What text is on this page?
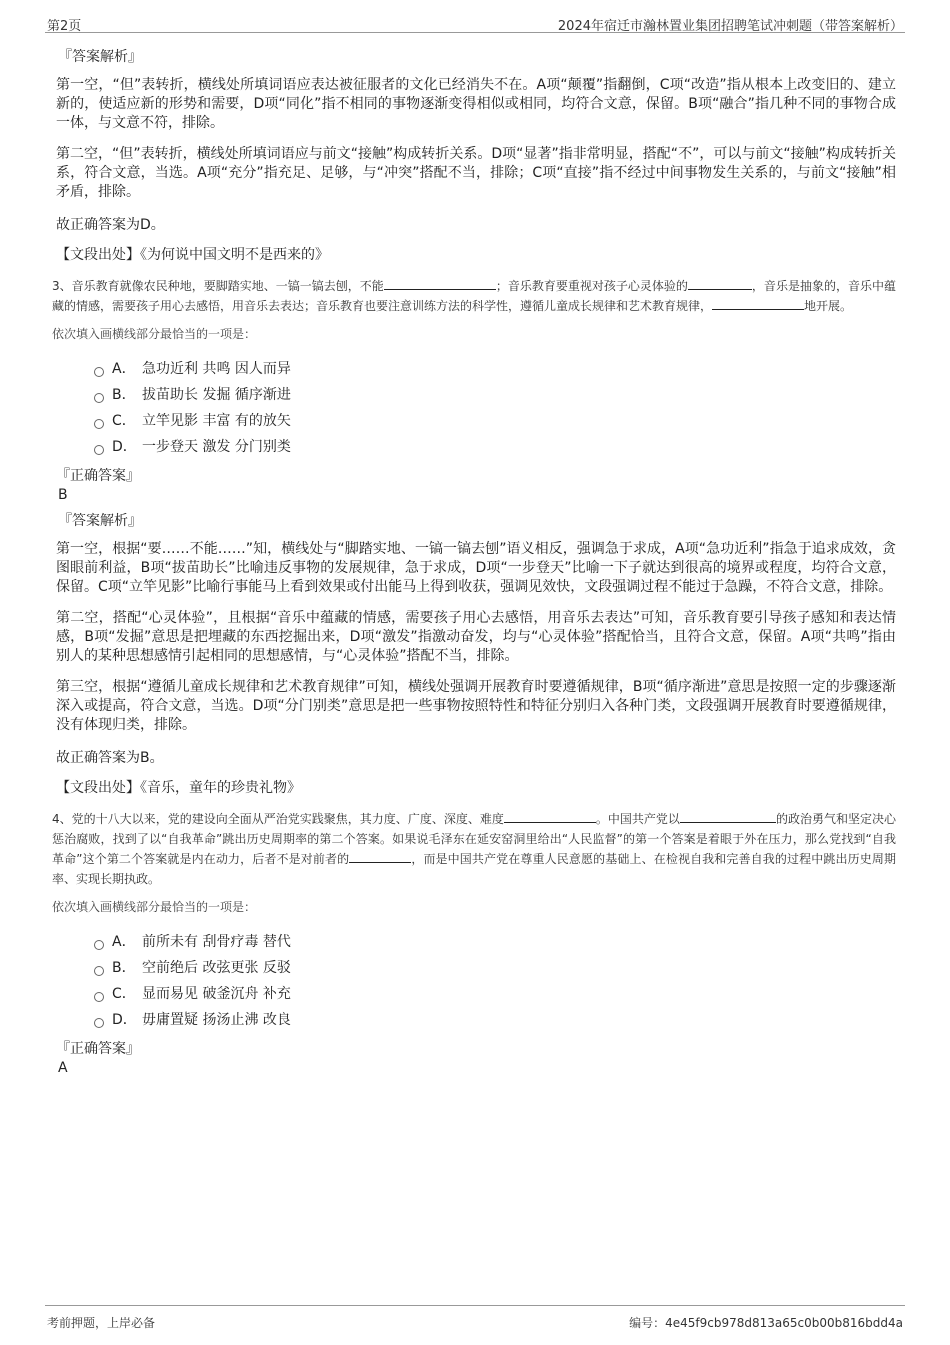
第2页	2024年宿迁市瀚林置业集团招聘笔试冲刺题（带答案解析）

『答案解析』

第一空，“但”表转折，横线处所填词语应表达被征服者的文化已经消失不在。A项“颠覆”指翻倒，C项“改造”指从根本上改变旧的、建立新的，使适应新的形势和需要，D项“同化”指不相同的事物逐渐变得相似或相同，均符合文意，保留。B项“融合”指几种不同的事物合成一体，与文意不符，排除。

第二空，“但”表转折，横线处所填词语应与前文“接触”构成转折关系。D项“显著”指非常明显，搭配“不”，可以与前文“接触”构成转折关系，符合文意，当选。A项“充分”指充足、足够，与“冲突”搭配不当，排除；C项“直接”指不经过中间事物发生关系的，与前文“接触”相矛盾，排除。

故正确答案为D。

【文段出处】《为何说中国文明不是西来的》

3、音乐教育就像农民种地，要脚踏实地、一镐一镐去刨，不能	；音乐教育要重视对孩子心灵体验的	，音乐是抽象的，音乐中蕴藏的情感，需要孩子用心去感悟，用音乐去表达；音乐教育也要注意训练方法的科学性，遵循儿童成长规律和艺术教育规律，	地开展。

依次填入画横线部分最恰当的一项是：

A． 急功近利 共鸣 因人而异
B． 拔苗助长 发掘 循序渐进
C． 立竿见影 丰富 有的放矢
D． 一步登天 激发 分门别类

『正确答案』

B

『答案解析』

第一空，根据“要……不能……”知，横线处与“脚踏实地、一镐一镐去刨”语义相反，强调急于求成，A项“急功近利”指急于追求成效，贪图眼前利益，B项“拔苗助长”比喻违反事物的发展规律，急于求成，D项“一步登天”比喻一下子就达到很高的境界或程度，均符合文意，保留。C项“立竿见影”比喻行事能马上看到效果或付出能马上得到收获，强调见效快，文段强调过程不能过于急躁，不符合文意，排除。

第二空，搭配“心灵体验”，且根据“音乐中蕴藏的情感，需要孩子用心去感悟，用音乐去表达”可知，音乐教育要引导孩子感知和表达情感，B项“发掘”意思是把埋藏的东西挖掘出来，D项“激发”指激动奋发，均与“心灵体验”搭配恰当，且符合文意，保留。A项“共鸣”指由别人的某种思想感情引起相同的思想感情，与“心灵体验”搭配不当，排除。

第三空，根据“遵循儿童成长规律和艺术教育规律”可知，横线处强调开展教育时要遵循规律，B项“循序渐进”意思是按照一定的步骤逐渐深入或提高，符合文意，当选。D项“分门别类”意思是把一些事物按照特性和特征分别归入各种门类，文段强调开展教育时要遵循规律，没有体现归类，排除。

故正确答案为B。

【文段出处】《音乐，童年的珍贵礼物》

4、党的十八大以来，党的建设向全面从严治党实践聚焦，其力度、广度、深度、难度	。中国共产党以	的政治勇气和坚定决心惩治腐败，找到了以“自我革命”跳出历史周期率的第二个答案。如果说毛泽东在延安窑洞里给出“人民监督”的第一个答案是着眼于外在压力，那么党找到“自我革命”这个第二个答案就是内在动力，后者不是对前者的	，而是中国共产党在尊重人民意愿的基础上、在检视自我和完善自我的过程中跳出历史周期率、实现长期执政。

依次填入画横线部分最恰当的一项是：

A． 前所未有 刮骨疗毒 替代
B． 空前绝后 改弦更张 反驳
C． 显而易见 破釜沉舟 补充
D． 毋庸置疑 扬汤止沸 改良

『正确答案』

A

考前押题，上岸必备	编号：4e45f9cb978d813a65c0b00b816bdd4a
